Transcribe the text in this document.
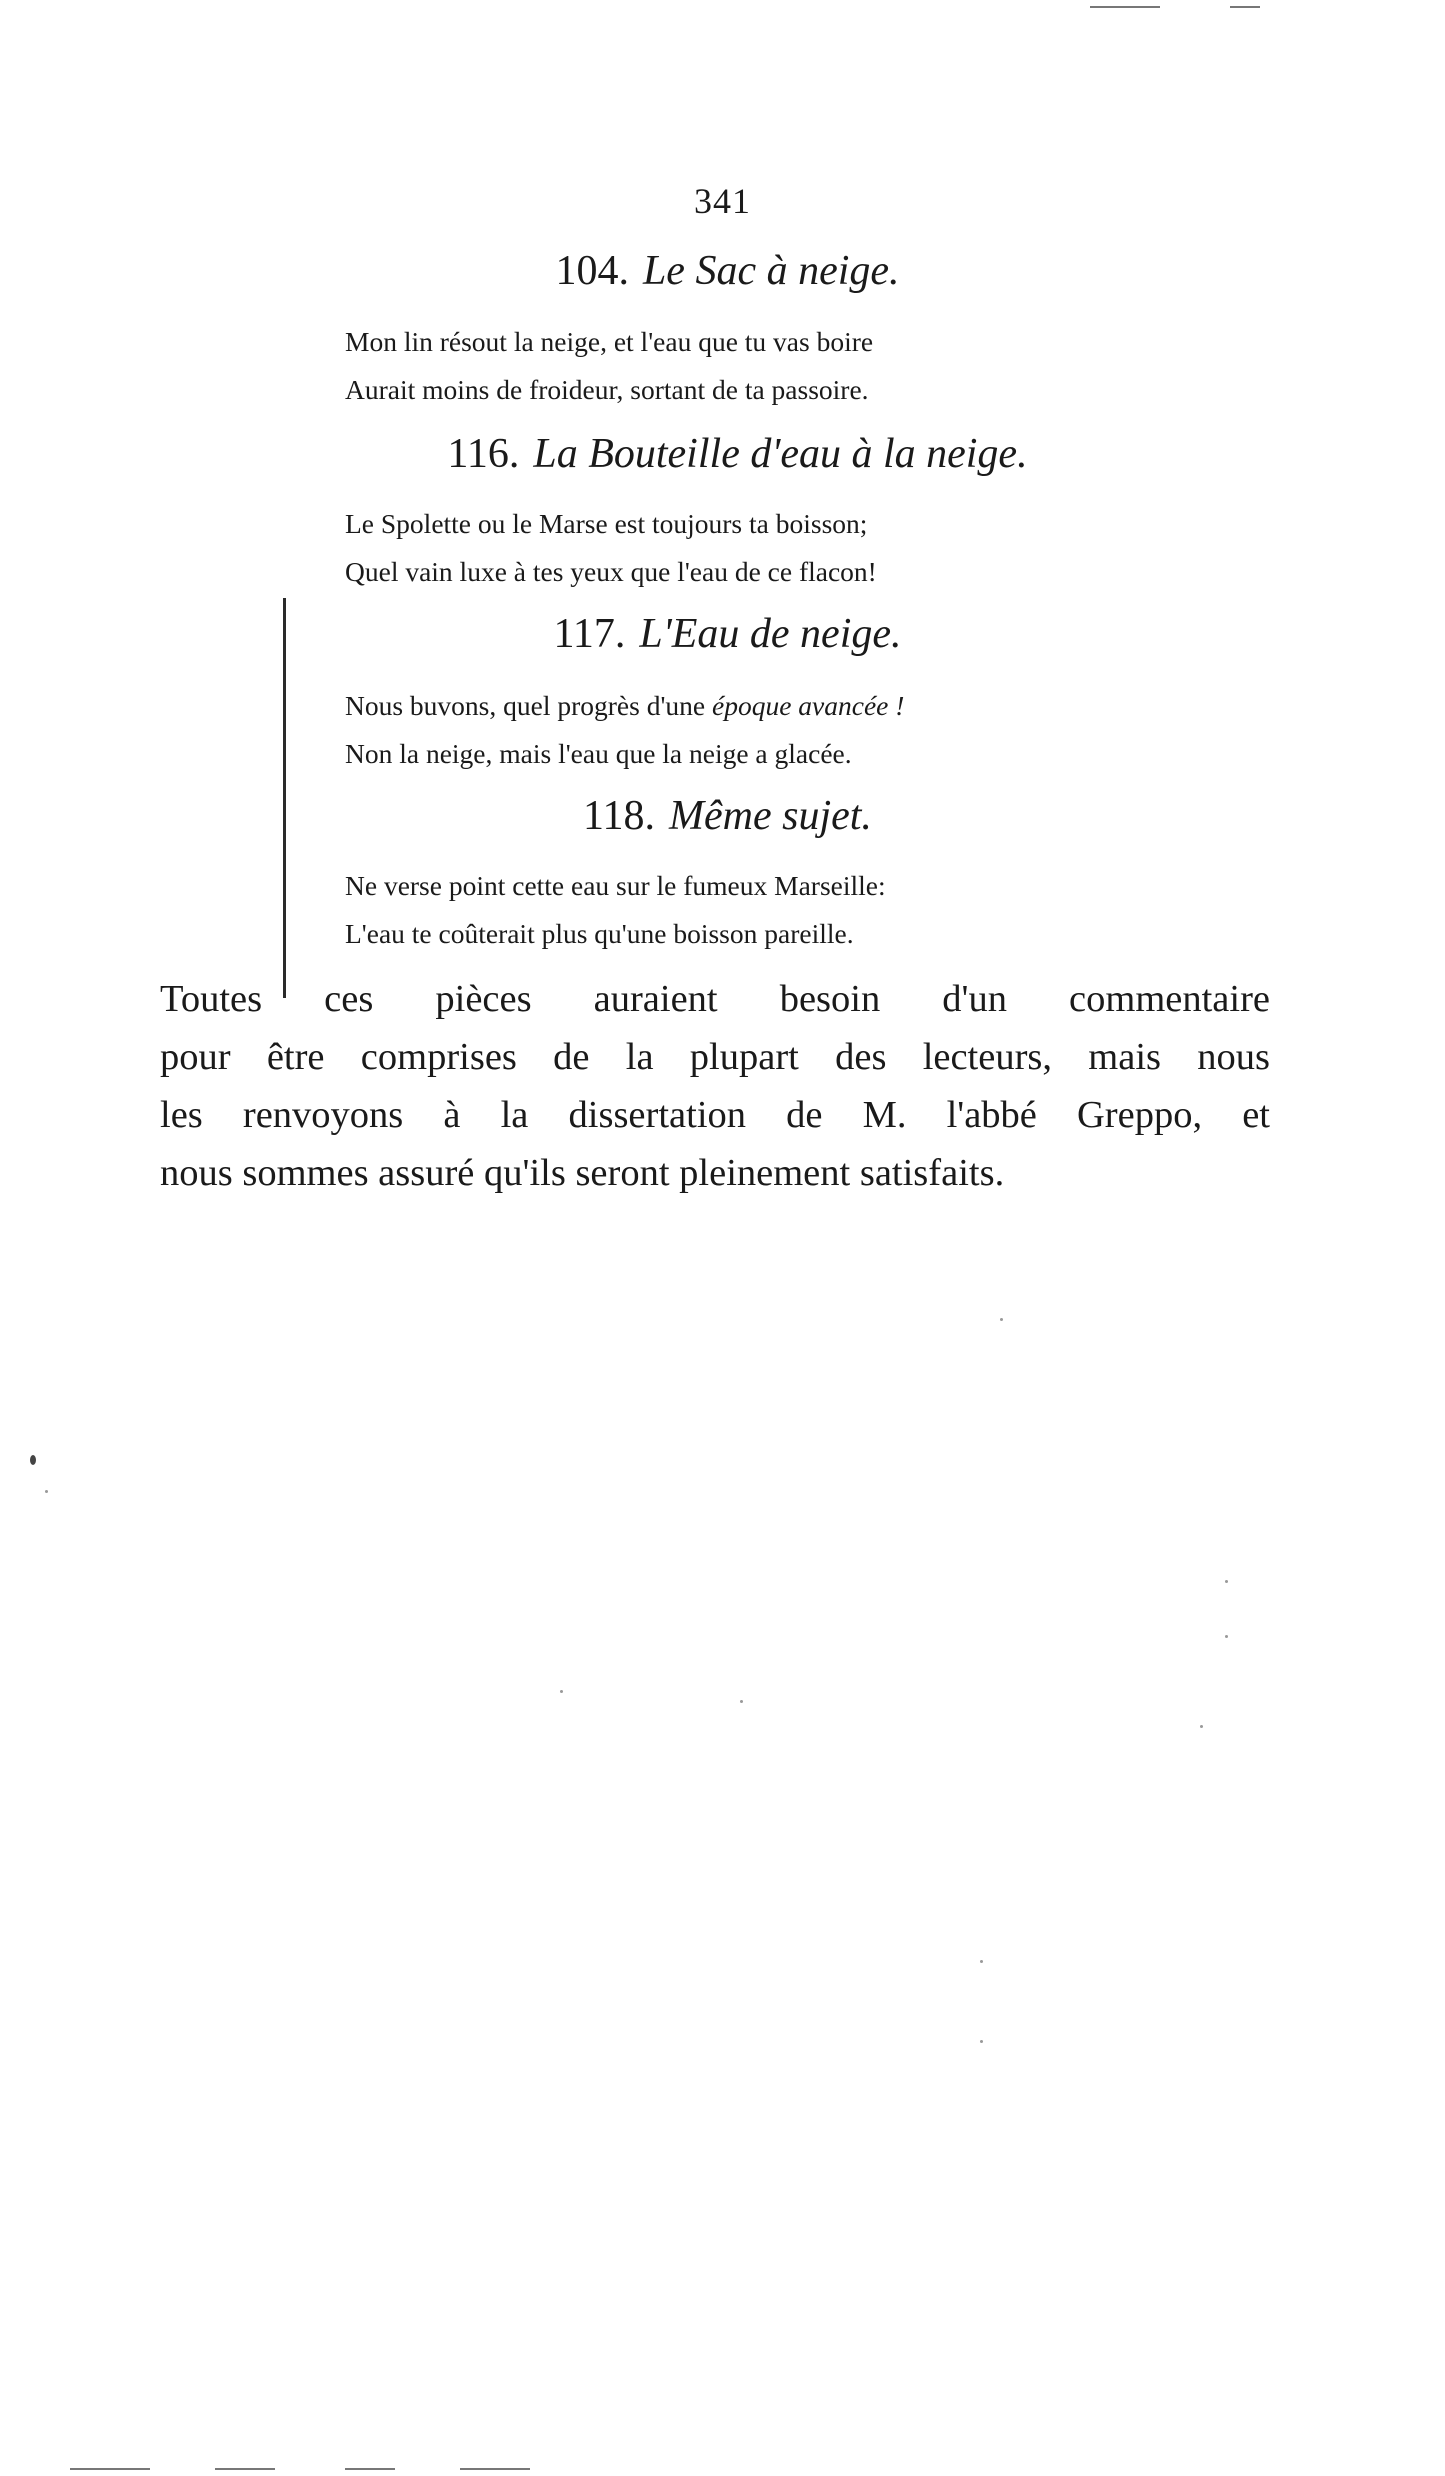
341
104. Le Sac à neige.
Mon lin résout la neige, et l'eau que tu vas boire
Aurait moins de froideur, sortant de ta passoire.
116. La Bouteille d'eau à la neige.
Le Spolette ou le Marse est toujours ta boisson;
Quel vain luxe à tes yeux que l'eau de ce flacon!
117. L'Eau de neige.
Nous buvons, quel progrès d'une époque avancée !
Non la neige, mais l'eau que la neige a glacée.
118. Même sujet.
Ne verse point cette eau sur le fumeux Marseille:
L'eau te coûterait plus qu'une boisson pareille.
Toutes ces pièces auraient besoin d'un commentaire
pour être comprises de la plupart des lecteurs, mais nous
les renvoyons à la dissertation de M. l'abbé Greppo, et
nous sommes assuré qu'ils seront pleinement satisfaits.
